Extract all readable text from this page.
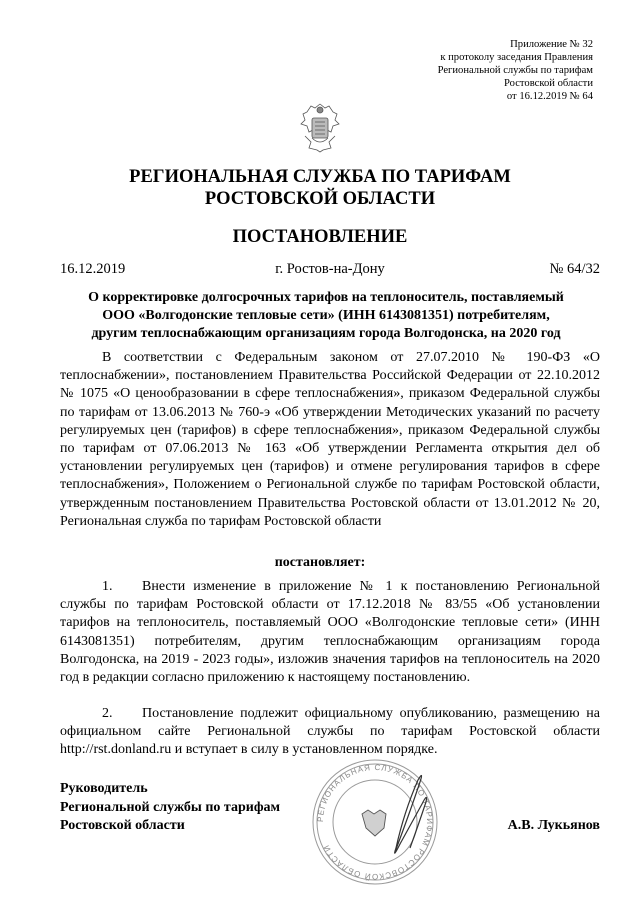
Приложение № 32
к протоколу заседания Правления
Региональной службы по тарифам
Ростовской области
от 16.12.2019 № 64
РЕГИОНАЛЬНАЯ СЛУЖБА ПО ТАРИФАМ
РОСТОВСКОЙ ОБЛАСТИ
ПОСТАНОВЛЕНИЕ
16.12.2019	г. Ростов-на-Дону	№ 64/32
О корректировке долгосрочных тарифов на теплоноситель, поставляемый
ООО «Волгодонские тепловые сети» (ИНН 6143081351) потребителям,
другим теплоснабжающим организациям города Волгодонска, на 2020 год
В соответствии с Федеральным законом от 27.07.2010 № 190-ФЗ «О теплоснабжении», постановлением Правительства Российской Федерации от 22.10.2012 № 1075 «О ценообразовании в сфере теплоснабжения», приказом Федеральной службы по тарифам от 13.06.2013 № 760-э «Об утверждении Методических указаний по расчету регулируемых цен (тарифов) в сфере теплоснабжения», приказом Федеральной службы по тарифам от 07.06.2013 № 163 «Об утверждении Регламента открытия дел об установлении регулируемых цен (тарифов) и отмене регулирования тарифов в сфере теплоснабжения», Положением о Региональной службе по тарифам Ростовской области, утвержденным постановлением Правительства Ростовской области от 13.01.2012 № 20, Региональная служба по тарифам Ростовской области
постановляет:
1. Внести изменение в приложение № 1 к постановлению Региональной службы по тарифам Ростовской области от 17.12.2018 № 83/55 «Об установлении тарифов на теплоноситель, поставляемый ООО «Волгодонские тепловые сети» (ИНН 6143081351) потребителям, другим теплоснабжающим организациям города Волгодонска, на 2019 - 2023 годы», изложив значения тарифов на теплоноситель на 2020 год в редакции согласно приложению к настоящему постановлению.
2. Постановление подлежит официальному опубликованию, размещению на официальном сайте Региональной службы по тарифам Ростовской области http://rst.donland.ru и вступает в силу в установленном порядке.
РЕГИОНАЛЬНАЯ СЛУЖБА ПО ТАРИФАМ РОСТОВСКОЙ ОБЛАСТИ
Руководитель
Региональной службы по тарифам
Ростовской области	А.В. Лукьянов
